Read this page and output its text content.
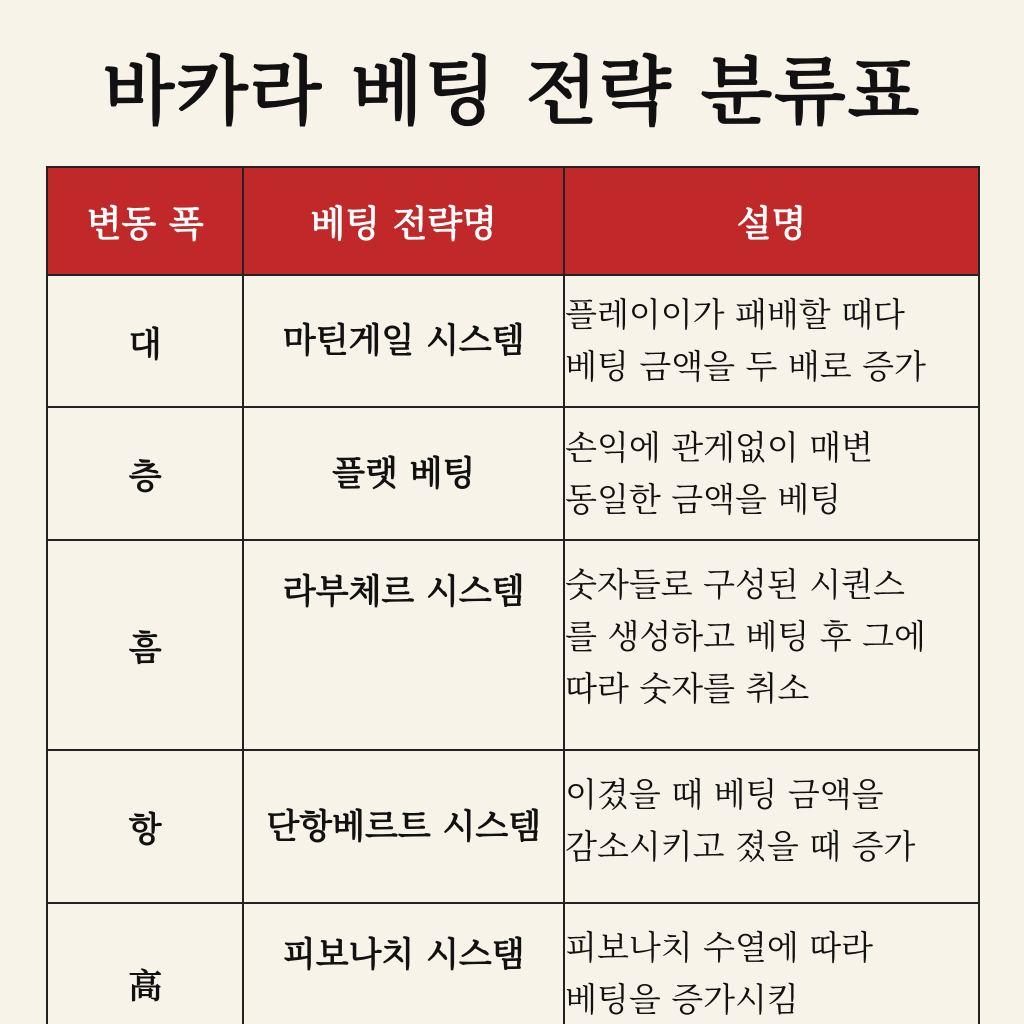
바카라 베팅 전략 분류표
변동 폭	베팅 전략명	설명
대	마틴게일 시스템	플레이이가 패배할 때다
베팅 금액을 두 배로 증가

층	플랫 베팅	손익에 관게없이 매변
동일한 금액을 베팅

흠	라부체르 시스템	숫자들로 구성된 시퀀스
를 생성하고 베팅 후 그에
따라 숫자를 취소

항	단항베르트 시스템	이겼을 때 베팅 금액을
감소시키고 졌을 때 증가

高	피보나치 시스탬	피보나치 수열에 따라
베팅을 증가시킴
